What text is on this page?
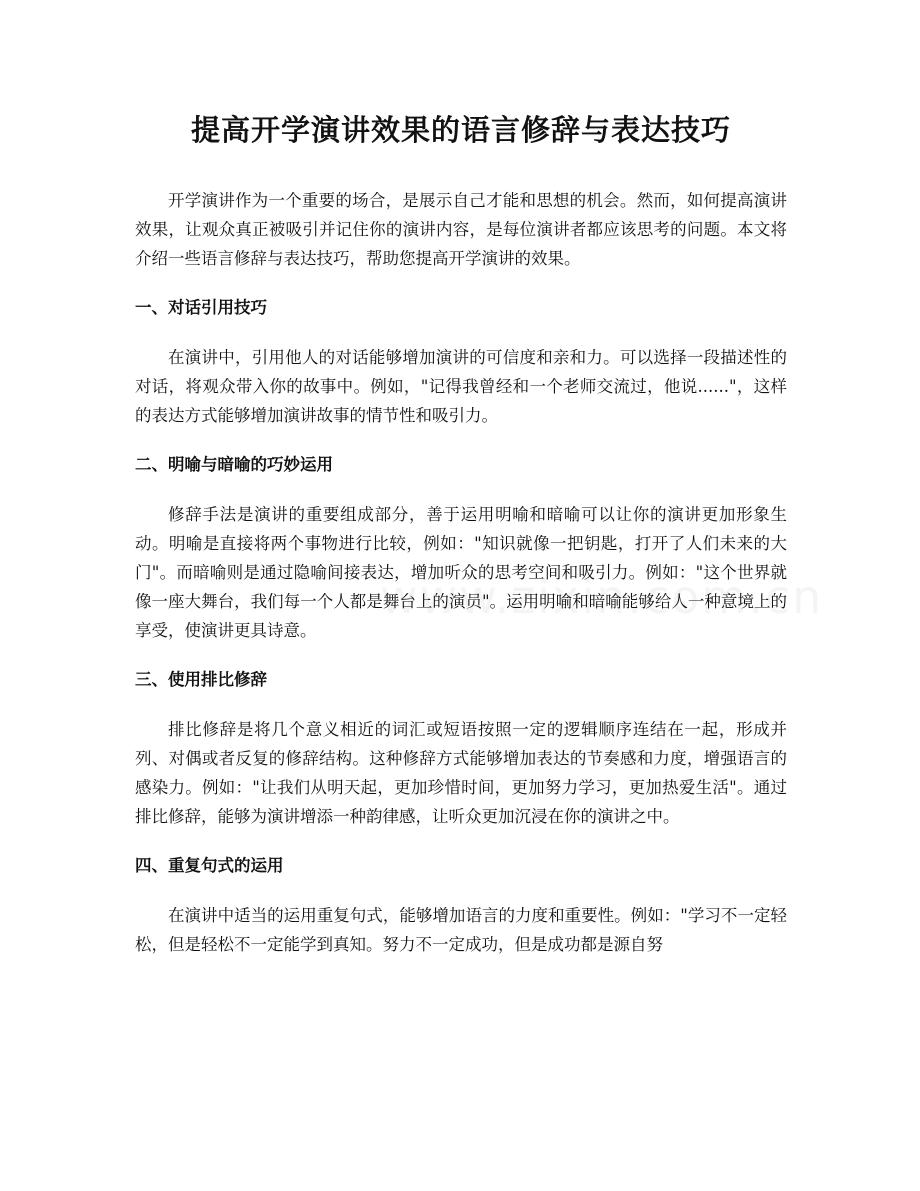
提高开学演讲效果的语言修辞与表达技巧

开学演讲作为一个重要的场合，是展示自己才能和思想的机会。然而，如何提高演讲效果，让观众真正被吸引并记住你的演讲内容，是每位演讲者都应该思考的问题。本文将介绍一些语言修辞与表达技巧，帮助您提高开学演讲的效果。

一、对话引用技巧

在演讲中，引用他人的对话能够增加演讲的可信度和亲和力。可以选择一段描述性的对话，将观众带入你的故事中。例如，"记得我曾经和一个老师交流过，他说......"，这样的表达方式能够增加演讲故事的情节性和吸引力。

二、明喻与暗喻的巧妙运用

修辞手法是演讲的重要组成部分，善于运用明喻和暗喻可以让你的演讲更加形象生动。明喻是直接将两个事物进行比较，例如："知识就像一把钥匙，打开了人们未来的大门"。而暗喻则是通过隐喻间接表达，增加听众的思考空间和吸引力。例如："这个世界就像一座大舞台，我们每一个人都是舞台上的演员"。运用明喻和暗喻能够给人一种意境上的享受，使演讲更具诗意。

三、使用排比修辞

排比修辞是将几个意义相近的词汇或短语按照一定的逻辑顺序连结在一起，形成并列、对偶或者反复的修辞结构。这种修辞方式能够增加表达的节奏感和力度，增强语言的感染力。例如："让我们从明天起，更加珍惜时间，更加努力学习，更加热爱生活"。通过排比修辞，能够为演讲增添一种韵律感，让听众更加沉浸在你的演讲之中。

四、重复句式的运用

在演讲中适当的运用重复句式，能够增加语言的力度和重要性。例如："学习不一定轻松，但是轻松不一定能学到真知。努力不一定成功，但是成功都是源自努
